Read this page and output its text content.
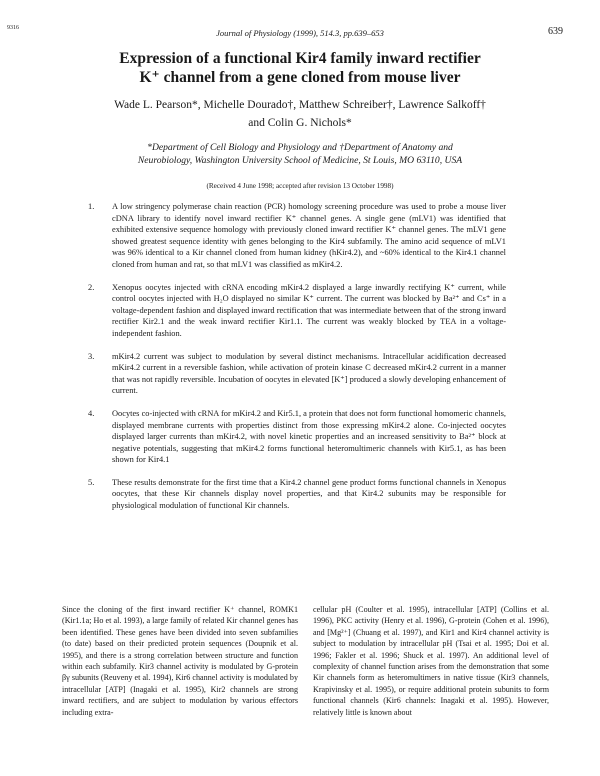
9316	Journal of Physiology (1999), 514.3, pp.639–653	639
Expression of a functional Kir4 family inward rectifier
K⁺ channel from a gene cloned from mouse liver
Wade L. Pearson*, Michelle Dourado†, Matthew Schreiber†, Lawrence Salkoff†
and Colin G. Nichols*
*Department of Cell Biology and Physiology and †Department of Anatomy and
Neurobiology, Washington University School of Medicine, St Louis, MO 63110, USA
(Received 4 June 1998; accepted after revision 13 October 1998)
1. A low stringency polymerase chain reaction (PCR) homology screening procedure was used to probe a mouse liver cDNA library to identify novel inward rectifier K⁺ channel genes. A single gene (mLV1) was identified that exhibited extensive sequence homology with previously cloned inward rectifier K⁺ channel genes. The mLV1 gene showed greatest sequence identity with genes belonging to the Kir4 subfamily. The amino acid sequence of mLV1 was 96% identical to a Kir channel cloned from human kidney (hKir4.2), and ~60% identical to the Kir4.1 channel cloned from human and rat, so that mLV1 was classified as mKir4.2.
2. Xenopus oocytes injected with cRNA encoding mKir4.2 displayed a large inwardly rectifying K⁺ current, while control oocytes injected with H₂O displayed no similar K⁺ current. The current was blocked by Ba²⁺ and Cs⁺ in a voltage-dependent fashion and displayed inward rectification that was intermediate between that of the strong inward rectifier Kir2.1 and the weak inward rectifier Kir1.1. The current was weakly blocked by TEA in a voltage-independent fashion.
3. mKir4.2 current was subject to modulation by several distinct mechanisms. Intracellular acidification decreased mKir4.2 current in a reversible fashion, while activation of protein kinase C decreased mKir4.2 current in a manner that was not rapidly reversible. Incubation of oocytes in elevated [K⁺] produced a slowly developing enhancement of current.
4. Oocytes co-injected with cRNA for mKir4.2 and Kir5.1, a protein that does not form functional homomeric channels, displayed membrane currents with properties distinct from those expressing mKir4.2 alone. Co-injected oocytes displayed larger currents than mKir4.2, with novel kinetic properties and an increased sensitivity to Ba²⁺ block at negative potentials, suggesting that mKir4.2 forms functional heteromultimeric channels with Kir5.1, as has been shown for Kir4.1
5. These results demonstrate for the first time that a Kir4.2 channel gene product forms functional channels in Xenopus oocytes, that these Kir channels display novel properties, and that Kir4.2 subunits may be responsible for physiological modulation of functional Kir channels.
Since the cloning of the first inward rectifier K⁺ channel, ROMK1 (Kir1.1a; Ho et al. 1993), a large family of related Kir channel genes has been identified. These genes have been divided into seven subfamilies (to date) based on their predicted protein sequences (Doupnik et al. 1995), and there is a strong correlation between structure and function within each subfamily. Kir3 channel activity is modulated by G-protein βγ subunits (Reuveny et al. 1994), Kir6 channel activity is modulated by intracellular [ATP] (Inagaki et al. 1995), Kir2 channels are strong inward rectifiers, and are subject to modulation by various effectors including extra-
cellular pH (Coulter et al. 1995), intracellular [ATP] (Collins et al. 1996), PKC activity (Henry et al. 1996), G-protein (Cohen et al. 1996), and [Mg²⁺] (Chuang et al. 1997), and Kir1 and Kir4 channel activity is subject to modulation by intracellular pH (Tsai et al. 1995; Doi et al. 1996; Fakler et al. 1996; Shuck et al. 1997). An additional level of complexity of channel function arises from the demonstration that some Kir channels form as heteromultimers in native tissue (Kir3 channels, Krapivinsky et al. 1995), or require additional protein subunits to form functional channels (Kir6 channels: Inagaki et al. 1995). However, relatively little is known about
